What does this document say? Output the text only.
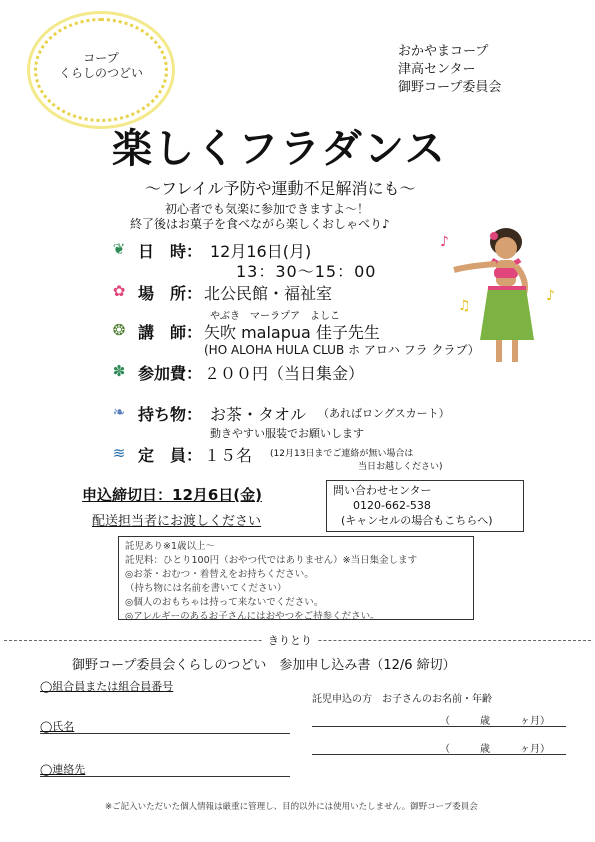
コープ
くらしのつどい
おかやまコープ
津高センター
御野コープ委員会
楽しくフラダンス
～フレイル予防や運動不足解消にも～
初心者でも気楽に参加できますよ～！
終了後はお菓子を食べながら楽しくおしゃべり♪
❦ 日　時： 12月16日(月)
13：30～15：00
✿ 場　所： 北公民館・福祉室
やぶき　マーラプア　よしこ
❂ 講　師： 矢吹 malapua 佳子先生
(HO ALOHA HULA CLUB ホ アロハ フラ クラブ）
✽ 参加費： ２００円（当日集金）
❧ 持ち物： お茶・タオル （あればロングスカート）
動きやすい服装でお願いします
≋ 定　員： １５名 (12月13日までご連絡が無い場合は
当日お越しください)
♪
♫
♪
申込締切日：12月6日(金)
配送担当者にお渡しください
問い合わせセンター
0120-662-538
(キャンセルの場合もこちらへ)
託児あり※1歳以上～
託児料：ひとり100円（おやつ代ではありません）※当日集金します
◎お茶・おむつ・着替えをお持ちください。
（持ち物には名前を書いてください）
◎個人のおもちゃは持って来ないでください。
◎アレルギーのあるお子さんにはおやつをご持参ください。
きりとり
御野コープ委員会くらしのつどい　参加申し込み書（12/6 締切）
◯組合員または組合員番号
◯氏名
◯連絡先
託児申込の方　お子さんのお名前・年齢
（　　　歳　　　ヶ月）
（　　　歳　　　ヶ月）
※ご記入いただいた個人情報は厳重に管理し、目的以外には使用いたしません。御野コープ委員会
